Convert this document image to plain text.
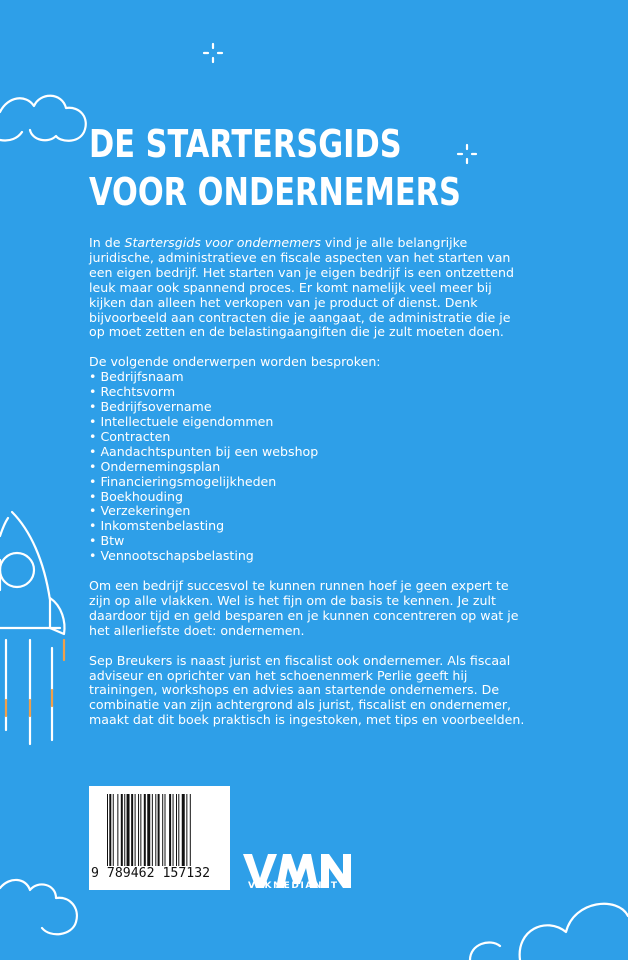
DE STARTERSGIDS
VOOR ONDERNEMERS

In de Startersgids voor ondernemers vind je alle belangrijke juridische, administratieve en fiscale aspecten van het starten van een eigen bedrijf. Het starten van je eigen bedrijf is een ontzettend leuk maar ook spannend proces. Er komt namelijk veel meer bij kijken dan alleen het verkopen van je product of dienst. Denk bijvoorbeeld aan contracten die je aangaat, de administratie die je op moet zetten en de belastingaangiften die je zult moeten doen.

De volgende onderwerpen worden besproken:

• Bedrijfsnaam
• Rechtsvorm
• Bedrijfsovername
• Intellectuele eigendommen
• Contracten
• Aandachtspunten bij een webshop
• Ondernemingsplan
• Financieringsmogelijkheden
• Boekhouding
• Verzekeringen
• Inkomstenbelasting
• Btw
• Vennootschapsbelasting

Om een bedrijf succesvol te kunnen runnen hoef je geen expert te zijn op alle vlakken. Wel is het fijn om de basis te kennen. Je zult daardoor tijd en geld besparen en je kunnen concentreren op wat je het allerliefste doet: ondernemen.

Sep Breukers is naast jurist en fiscalist ook ondernemer. Als fiscaal adviseur en oprichter van het schoenenmerk Perlie geeft hij trainingen, workshops en advies aan startende ondernemers. De combinatie van zijn achtergrond als jurist, fiscalist en ondernemer, maakt dat dit boek praktisch is ingestoken, met tips en voorbeelden.

9 789462 157132
VAKMEDIANET
